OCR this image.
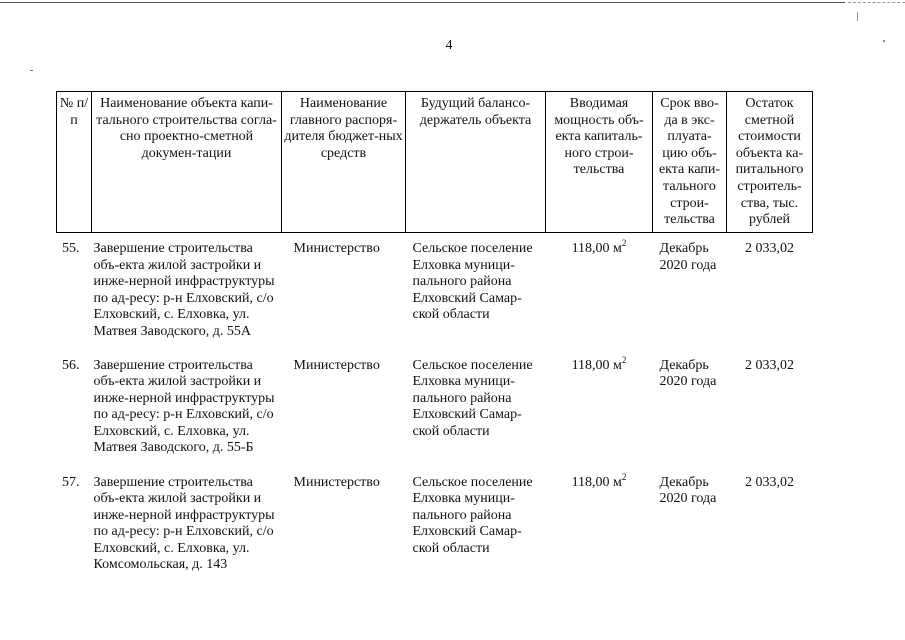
4
№ п/п	Наименование объекта капи-тального строительства согла-сно проектно-сметной докумен-тации	Наименование главного распоря-дителя бюджет-ных средств	Будущий балансо-держатель объекта	Вводимая мощность объ-екта капиталь-ного строи-тельства	Срок вво-да в экс-плуата-цию объ-екта капи-тального строи-тельства	Остаток сметной стоимости объекта ка-питального строитель-ства, тыс. рублей
55.	Завершение строительства объ-екта жилой застройки и инже-нерной инфраструктуры по ад-ресу: р-н Елховский, с/о Елховский, с. Елховка, ул. Матвея Заводского, д. 55А	Министерство	Сельское поселение Елховка муници-пального района Елховский Самар-ской области	118,00 $м^2$	Декабрь 2020 года	2 033,02
56.	Завершение строительства объ-екта жилой застройки и инже-нерной инфраструктуры по ад-ресу: р-н Елховский, с/о Елховский, с. Елховка, ул. Матвея Заводского, д. 55-Б	Министерство	Сельское поселение Елховка муници-пального района Елховский Самар-ской области	118,00 $м^2$	Декабрь 2020 года	2 033,02
57.	Завершение строительства объ-екта жилой застройки и инже-нерной инфраструктуры по ад-ресу: р-н Елховский, с/о Елховский, с. Елховка, ул. Комсомольская, д. 143	Министерство	Сельское поселение Елховка муници-пального района Елховский Самар-ской области	118,00 $м^2$	Декабрь 2020 года	2 033,02
